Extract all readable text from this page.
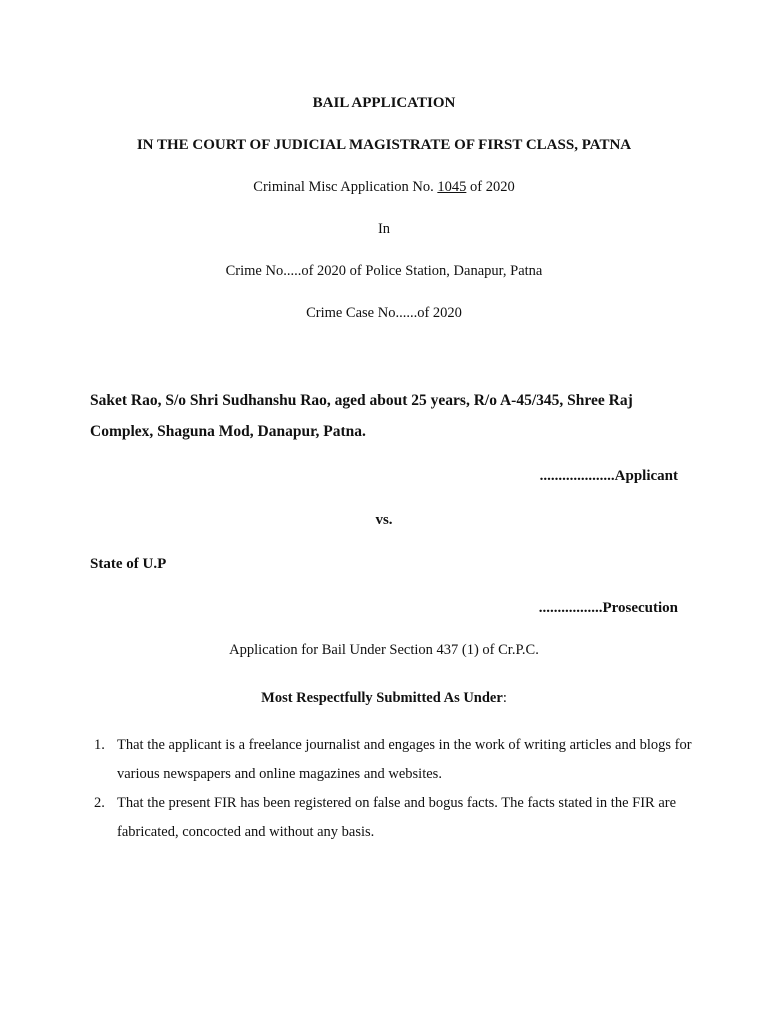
BAIL APPLICATION
IN THE COURT OF JUDICIAL MAGISTRATE OF FIRST CLASS, PATNA
Criminal Misc Application No. 1045 of 2020
In
Crime No.....of 2020 of Police Station, Danapur, Patna
Crime Case No......of 2020
Saket Rao, S/o Shri Sudhanshu Rao, aged about 25 years, R/o A-45/345, Shree Raj Complex, Shaguna Mod, Danapur, Patna.
....................Applicant
vs.
State of U.P
.................Prosecution
Application for Bail Under Section 437 (1) of Cr.P.C.
Most Respectfully Submitted As Under:
1. That the applicant is a freelance journalist and engages in the work of writing articles and blogs for various newspapers and online magazines and websites.
2. That the present FIR has been registered on false and bogus facts. The facts stated in the FIR are fabricated, concocted and without any basis.
